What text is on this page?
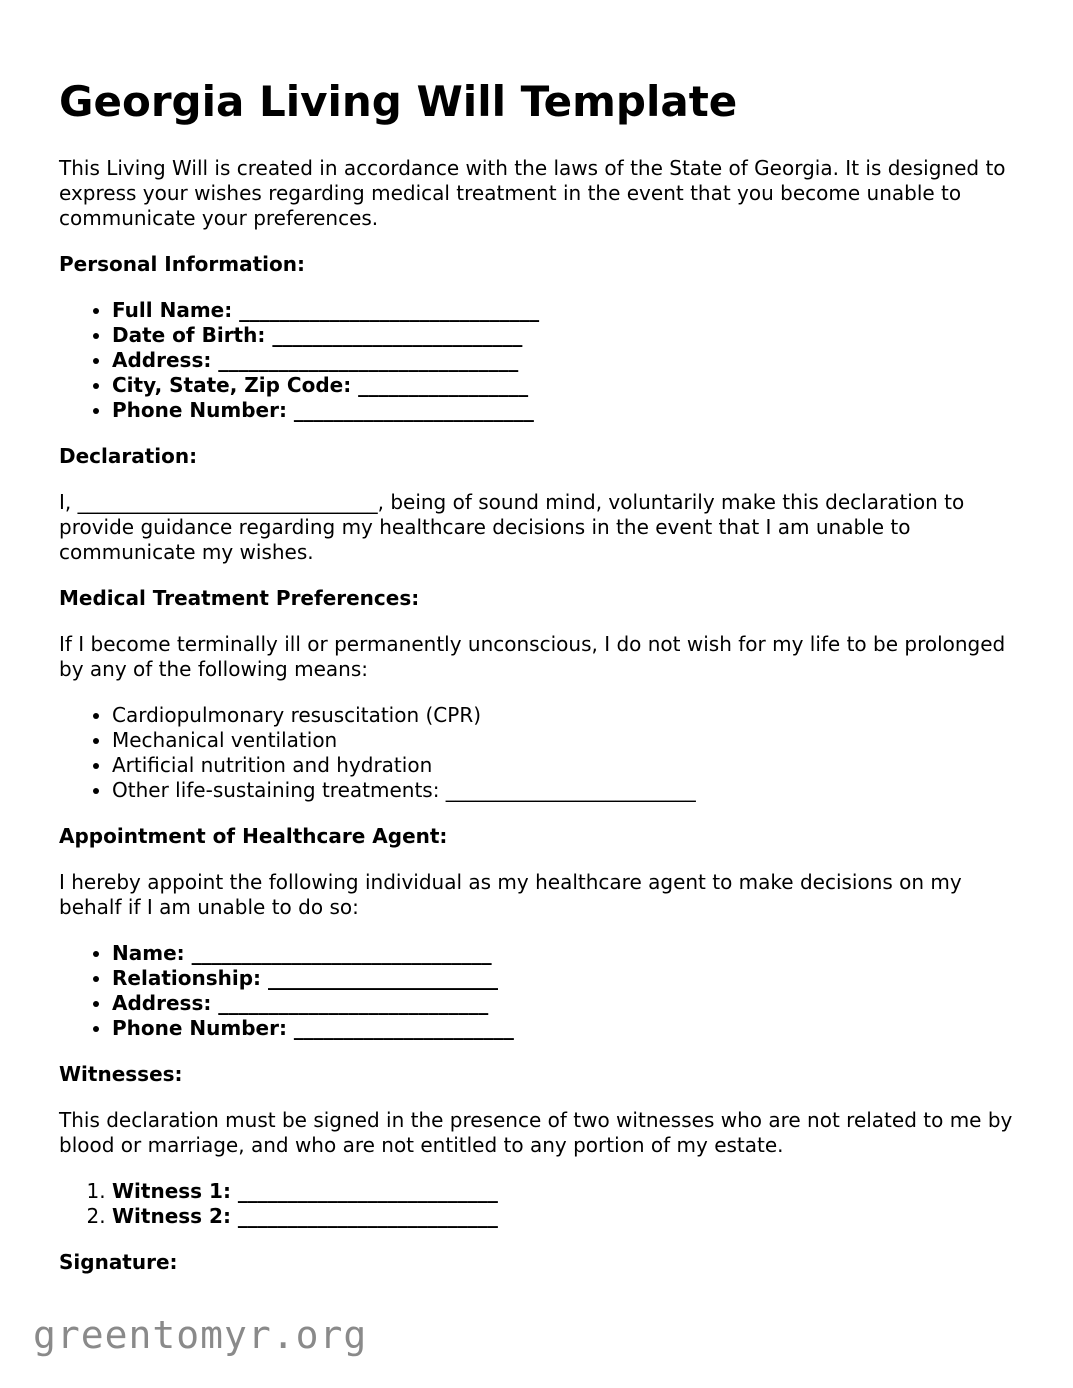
Georgia Living Will Template

This Living Will is created in accordance with the laws of the State of Georgia. It is designed to express your wishes regarding medical treatment in the event that you become unable to communicate your preferences.

Personal Information:

• Full Name: ______________________________
• Date of Birth: _________________________
• Address: ______________________________
• City, State, Zip Code: _________________
• Phone Number: ________________________

Declaration:

I, ______________________________, being of sound mind, voluntarily make this declaration to provide guidance regarding my healthcare decisions in the event that I am unable to communicate my wishes.

Medical Treatment Preferences:

If I become terminally ill or permanently unconscious, I do not wish for my life to be prolonged by any of the following means:

• Cardiopulmonary resuscitation (CPR)
• Mechanical ventilation
• Artificial nutrition and hydration
• Other life-sustaining treatments: _________________________

Appointment of Healthcare Agent:

I hereby appoint the following individual as my healthcare agent to make decisions on my behalf if I am unable to do so:

• Name: ______________________________
• Relationship: _______________________
• Address: ___________________________
• Phone Number: ______________________

Witnesses:

This declaration must be signed in the presence of two witnesses who are not related to me by blood or marriage, and who are not entitled to any portion of my estate.

1. Witness 1: __________________________
2. Witness 2: __________________________

Signature:

greentomyr.org
